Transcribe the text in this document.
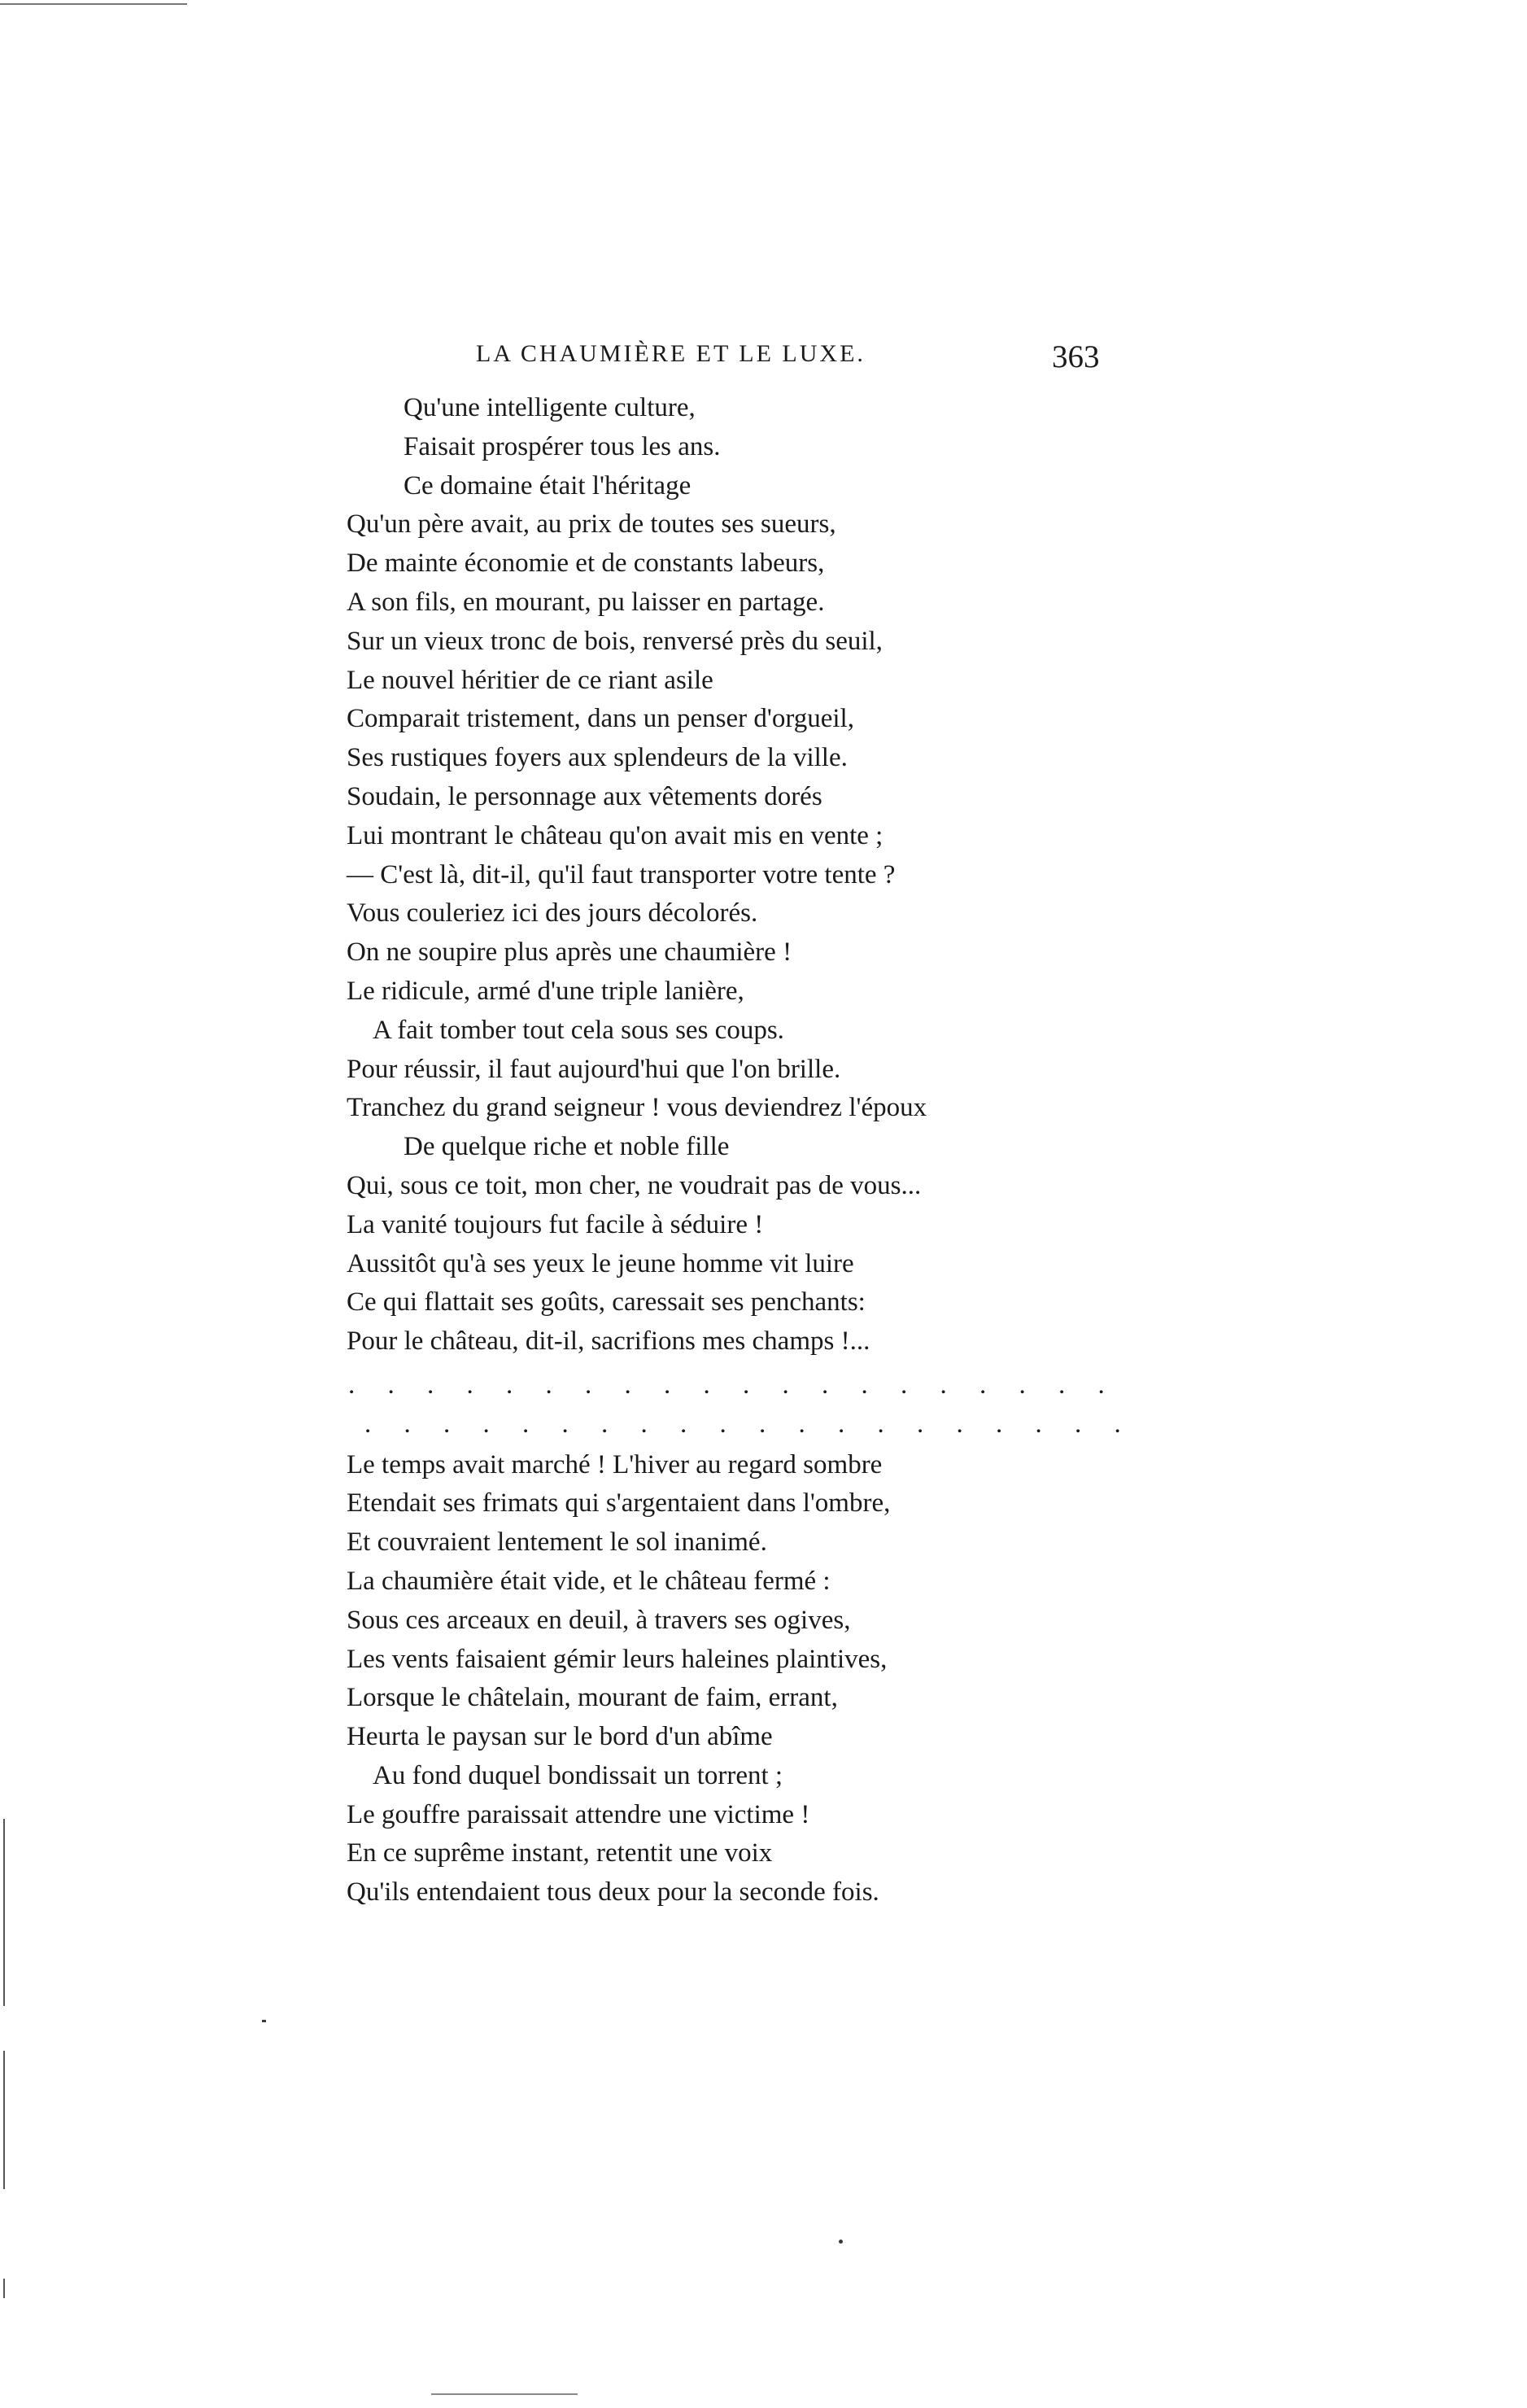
LA CHAUMIÈRE ET LE LUXE.	363
Qu'une intelligente culture,
Faisait prospérer tous les ans.
Ce domaine était l'héritage
Qu'un père avait, au prix de toutes ses sueurs,
De mainte économie et de constants labeurs,
A son fils, en mourant, pu laisser en partage.
Sur un vieux tronc de bois, renversé près du seuil,
Le nouvel héritier de ce riant asile
Comparait tristement, dans un penser d'orgueil,
Ses rustiques foyers aux splendeurs de la ville.
Soudain, le personnage aux vêtements dorés
Lui montrant le château qu'on avait mis en vente ;
— C'est là, dit-il, qu'il faut transporter votre tente ?
Vous couleriez ici des jours décolorés.
On ne soupire plus après une chaumière !
Le ridicule, armé d'une triple lanière,
A fait tomber tout cela sous ses coups.
Pour réussir, il faut aujourd'hui que l'on brille.
Tranchez du grand seigneur ! vous deviendrez l'époux
De quelque riche et noble fille
Qui, sous ce toit, mon cher, ne voudrait pas de vous...
La vanité toujours fut facile à séduire !
Aussitôt qu'à ses yeux le jeune homme vit luire
Ce qui flattait ses goûts, caressait ses penchants:
Pour le château, dit-il, sacrifions mes champs !...
. . . . . . . . . . . . . . . . . . . .
. . . . . . . . . . . . . . . . . . . .
Le temps avait marché ! L'hiver au regard sombre
Etendait ses frimats qui s'argentaient dans l'ombre,
Et couvraient lentement le sol inanimé.
La chaumière était vide, et le château fermé :
Sous ces arceaux en deuil, à travers ses ogives,
Les vents faisaient gémir leurs haleines plaintives,
Lorsque le châtelain, mourant de faim, errant,
Heurta le paysan sur le bord d'un abîme
Au fond duquel bondissait un torrent ;
Le gouffre paraissait attendre une victime !
En ce suprême instant, retentit une voix
Qu'ils entendaient tous deux pour la seconde fois.
